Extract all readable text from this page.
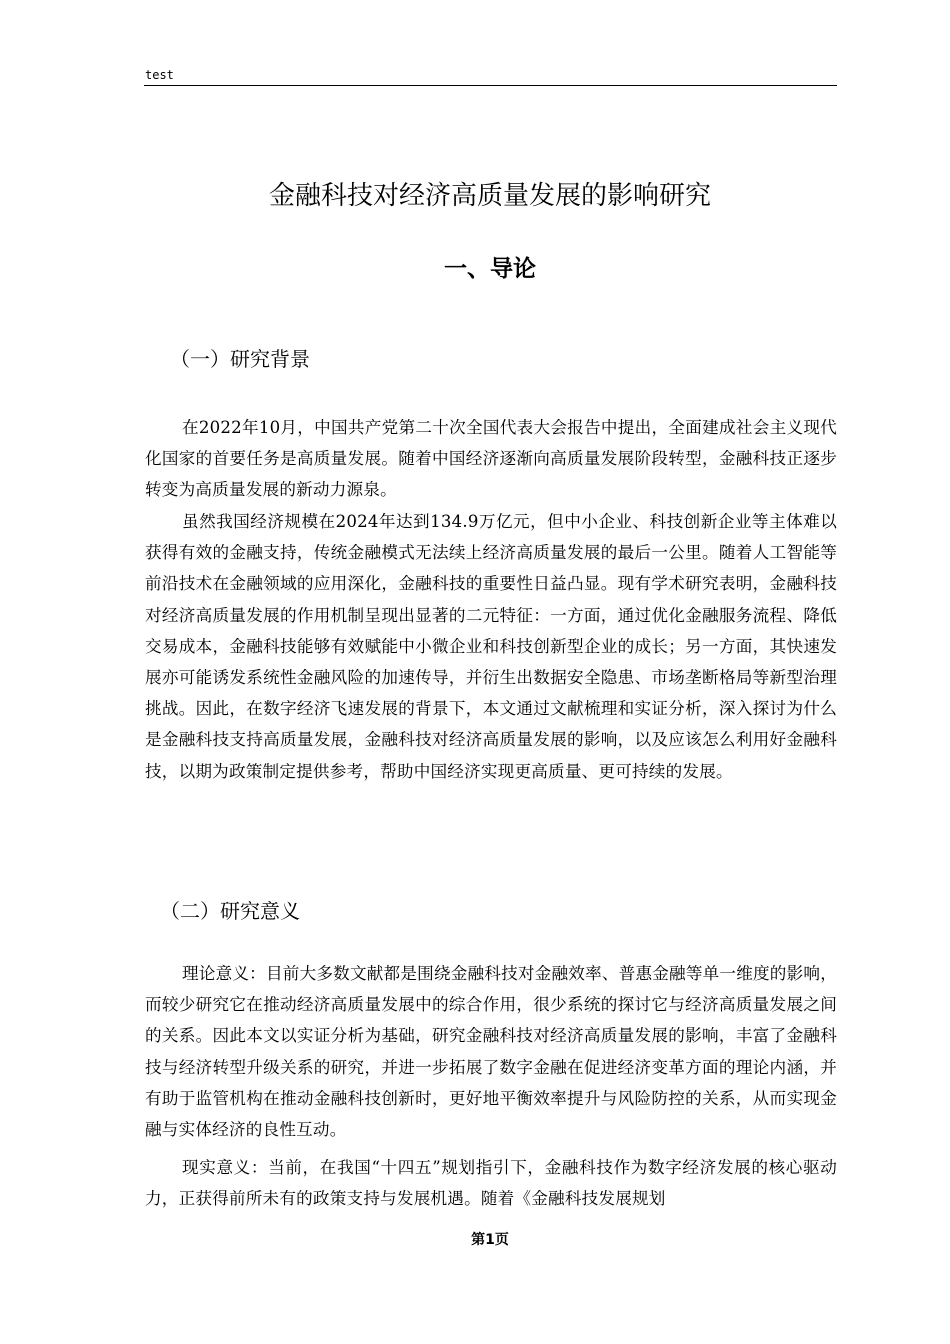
test
金融科技对经济高质量发展的影响研究
一、导论
（一）研究背景

在2022年10月，中国共产党第二十次全国代表大会报告中提出，全面建成社会主义现代化国家的首要任务是高质量发展。随着中国经济逐渐向高质量发展阶段转型，金融科技正逐步转变为高质量发展的新动力源泉。

虽然我国经济规模在2024年达到134.9万亿元，但中小企业、科技创新企业等主体难以获得有效的金融支持，传统金融模式无法续上经济高质量发展的最后一公里。随着人工智能等前沿技术在金融领域的应用深化，金融科技的重要性日益凸显。现有学术研究表明，金融科技对经济高质量发展的作用机制呈现出显著的二元特征：一方面，通过优化金融服务流程、降低交易成本，金融科技能够有效赋能中小微企业和科技创新型企业的成长；另一方面，其快速发展亦可能诱发系统性金融风险的加速传导，并衍生出数据安全隐患、市场垄断格局等新型治理挑战。因此，在数字经济飞速发展的背景下，本文通过文献梳理和实证分析，深入探讨为什么是金融科技支持高质量发展，金融科技对经济高质量发展的影响，以及应该怎么利用好金融科技，以期为政策制定提供参考，帮助中国经济实现更高质量、更可持续的发展。

（二）研究意义

理论意义：目前大多数文献都是围绕金融科技对金融效率、普惠金融等单一维度的影响，而较少研究它在推动经济高质量发展中的综合作用，很少系统的探讨它与经济高质量发展之间的关系。因此本文以实证分析为基础，研究金融科技对经济高质量发展的影响，丰富了金融科技与经济转型升级关系的研究，并进一步拓展了数字金融在促进经济变革方面的理论内涵，并有助于监管机构在推动金融科技创新时，更好地平衡效率提升与风险防控的关系，从而实现金融与实体经济的良性互动。

现实意义：当前，在我国“十四五”规划指引下，金融科技作为数字经济发展的核心驱动力，正获得前所未有的政策支持与发展机遇。随着《金融科技发展规划

第1页
